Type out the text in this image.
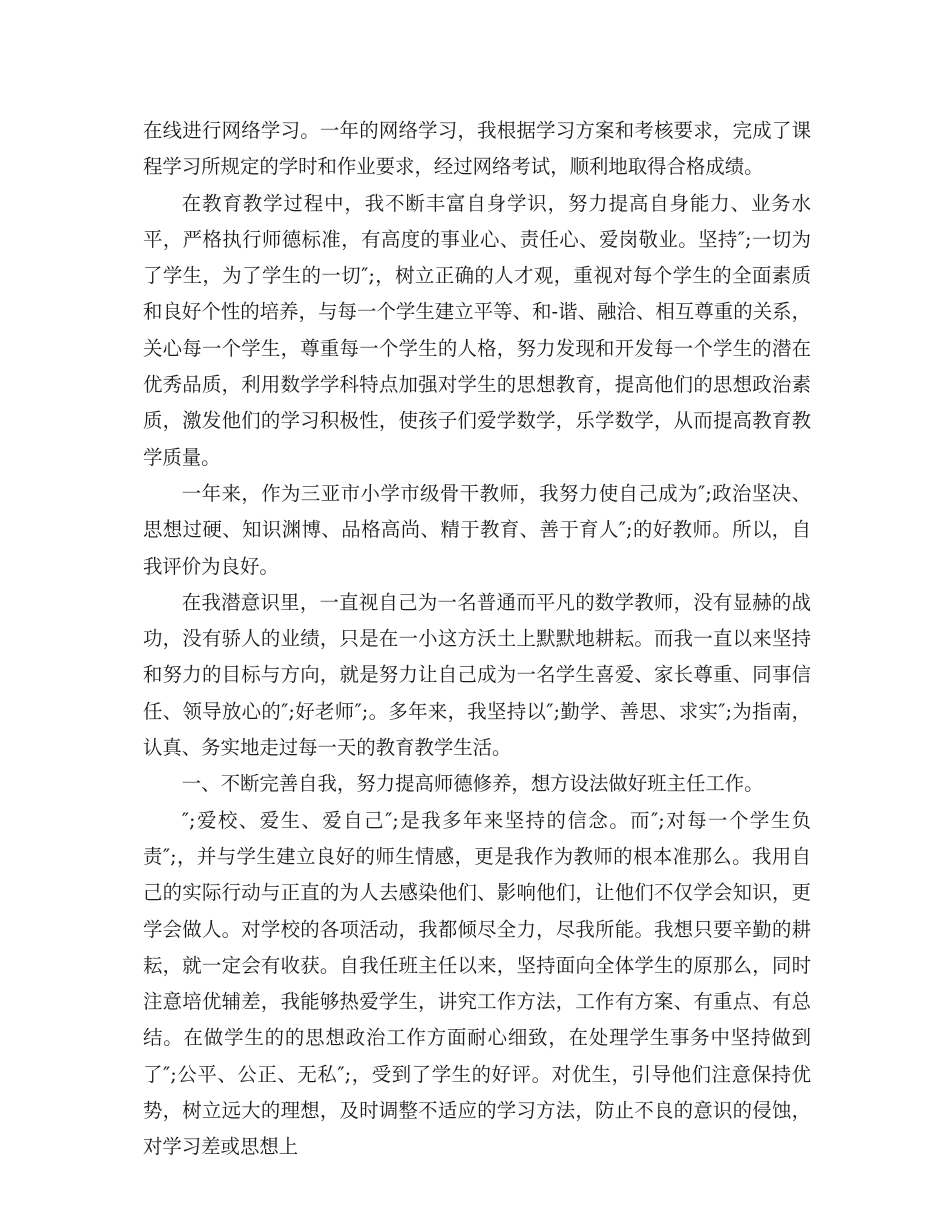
在线进行网络学习。一年的网络学习，我根据学习方案和考核要求，完成了课程学习所规定的学时和作业要求，经过网络考试，顺利地取得合格成绩。

在教育教学过程中，我不断丰富自身学识，努力提高自身能力、业务水平，严格执行师德标准，有高度的事业心、责任心、爱岗敬业。坚持″;一切为了学生，为了学生的一切″;，树立正确的人才观，重视对每个学生的全面素质和良好个性的培养，与每一个学生建立平等、和-谐、融洽、相互尊重的关系，关心每一个学生，尊重每一个学生的人格，努力发现和开发每一个学生的潜在优秀品质，利用数学学科特点加强对学生的思想教育，提高他们的思想政治素质，激发他们的学习积极性，使孩子们爱学数学，乐学数学，从而提高教育教学质量。

一年来，作为三亚市小学市级骨干教师，我努力使自己成为″;政治坚决、思想过硬、知识渊博、品格高尚、精于教育、善于育人″;的好教师。所以，自我评价为良好。

在我潜意识里，一直视自己为一名普通而平凡的数学教师，没有显赫的战功，没有骄人的业绩，只是在一小这方沃土上默默地耕耘。而我一直以来坚持和努力的目标与方向，就是努力让自己成为一名学生喜爱、家长尊重、同事信任、领导放心的″;好老师″;。多年来，我坚持以″;勤学、善思、求实″;为指南，认真、务实地走过每一天的教育教学生活。

一、不断完善自我，努力提高师德修养，想方设法做好班主任工作。

″;爱校、爱生、爱自己″;是我多年来坚持的信念。而″;对每一个学生负责″;，并与学生建立良好的师生情感，更是我作为教师的根本准那么。我用自己的实际行动与正直的为人去感染他们、影响他们，让他们不仅学会知识，更学会做人。对学校的各项活动，我都倾尽全力，尽我所能。我想只要辛勤的耕耘，就一定会有收获。自我任班主任以来，坚持面向全体学生的原那么，同时注意培优辅差，我能够热爱学生，讲究工作方法，工作有方案、有重点、有总结。在做学生的的思想政治工作方面耐心细致，在处理学生事务中坚持做到了″;公平、公正、无私″;，受到了学生的好评。对优生，引导他们注意保持优势，树立远大的理想，及时调整不适应的学习方法，防止不良的意识的侵蚀，对学习差或思想上
